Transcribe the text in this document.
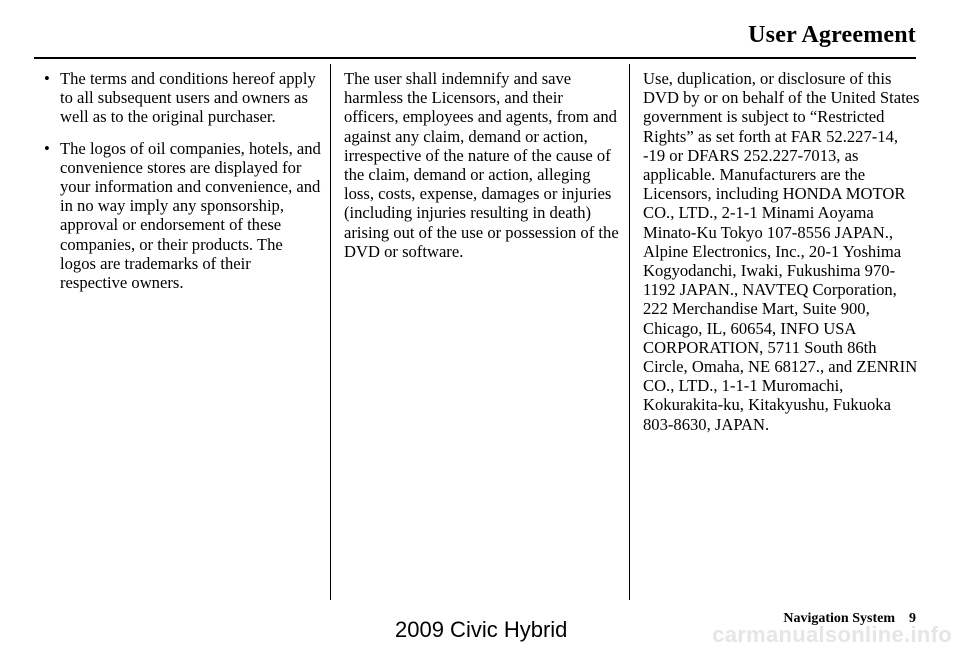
User Agreement

• The terms and conditions hereof apply to all subsequent users and owners as well as to the original purchaser.

• The logos of oil companies, hotels, and convenience stores are displayed for your information and convenience, and in no way imply any sponsorship, approval or endorsement of these companies, or their products. The logos are trademarks of their respective owners.

The user shall indemnify and save harmless the Licensors, and their officers, employees and agents, from and against any claim, demand or action, irrespective of the nature of the cause of the claim, demand or action, alleging loss, costs, expense, damages or injuries (including injuries resulting in death) arising out of the use or possession of the DVD or software.

Use, duplication, or disclosure of this DVD by or on behalf of the United States government is subject to “Restricted Rights” as set forth at FAR 52.227-14, -19 or DFARS 252.227-7013, as applicable. Manufacturers are the Licensors, including HONDA MOTOR CO., LTD., 2-1-1 Minami Aoyama Minato-Ku Tokyo 107-8556 JAPAN., Alpine Electronics, Inc., 20-1 Yoshima Kogyodanchi, Iwaki, Fukushima 970-1192 JAPAN., NAVTEQ Corporation, 222 Merchandise Mart, Suite 900, Chicago, IL, 60654, INFO USA CORPORATION, 5711 South 86th Circle, Omaha, NE 68127., and ZENRIN CO., LTD., 1-1-1 Muromachi, Kokurakita-ku, Kitakyushu, Fukuoka 803-8630, JAPAN.

Navigation System 9
2009 Civic Hybrid	carmanualsonline.info
